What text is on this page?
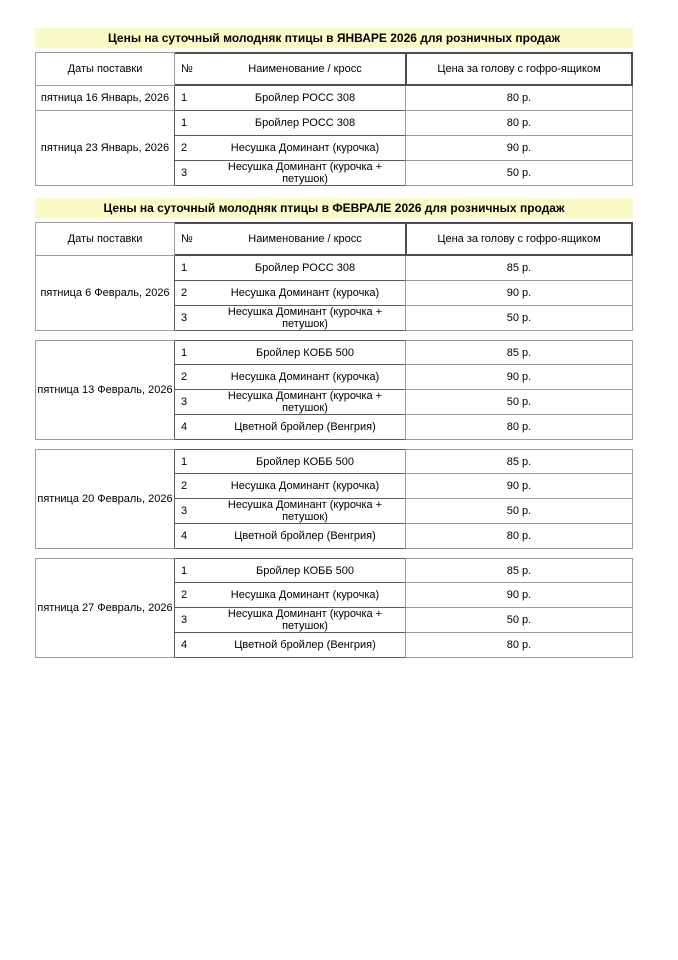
Цены на суточный молодняк птицы в ЯНВАРЕ 2026 для розничных продаж
Даты поставки	№	Наименование / кросс	Цена за голову с гофро-ящиком
пятница 16 Январь, 2026	1	Бройлер РОСС 308	80 р.
пятница 23 Январь, 2026
1	Бройлер РОСС 308	80 р.
2	Несушка Доминант (курочка)	90 р.
3	Несушка Доминант (курочка + петушок)	50 р.
Цены на суточный молодняк птицы в ФЕВРАЛЕ 2026 для розничных продаж
Даты поставки	№	Наименование / кросс	Цена за голову с гофро-ящиком
пятница 6 Февраль, 2026
1	Бройлер РОСС 308	85 р.
2	Несушка Доминант (курочка)	90 р.
3	Несушка Доминант (курочка + петушок)	50 р.
пятница 13 Февраль, 2026
1	Бройлер КОББ 500	85 р.
2	Несушка Доминант (курочка)	90 р.
3	Несушка Доминант (курочка + петушок)	50 р.
4	Цветной бройлер (Венгрия)	80 р.
пятница 20 Февраль, 2026
1	Бройлер КОББ 500	85 р.
2	Несушка Доминант (курочка)	90 р.
3	Несушка Доминант (курочка + петушок)	50 р.
4	Цветной бройлер (Венгрия)	80 р.
пятница 27 Февраль, 2026
1	Бройлер КОББ 500	85 р.
2	Несушка Доминант (курочка)	90 р.
3	Несушка Доминант (курочка + петушок)	50 р.
4	Цветной бройлер (Венгрия)	80 р.
